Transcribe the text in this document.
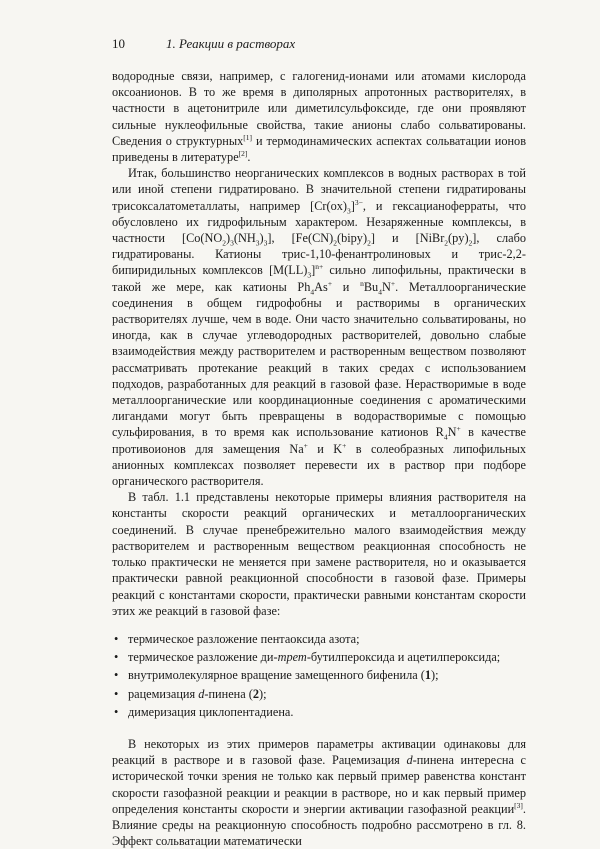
10	1. Реакции в растворах

водородные связи, например, с галогенид-ионами или атомами кислорода оксоанионов. В то же время в диполярных апротонных растворителях, в частности в ацетонитриле или диметилсульфоксиде, где они проявляют сильные нуклеофильные свойства, такие анионы слабо сольватированы. Сведения о структурных[1] и термодинамических аспектах сольватации ионов приведены в литературе[2].

Итак, большинство неорганических комплексов в водных растворах в той или иной степени гидратировано. В значительной степени гидратированы трисоксалатометаллаты, например $[Cr(ox)_3]^{3-}$, и гексацианоферраты, что обусловлено их гидрофильным характером. Незаряженные комплексы, в частности $[Co(NO_2)_3(NH_3)_3]$, $[Fe(CN)_2(bipy)_2]$ и $[NiBr_2(py)_2]$, слабо гидратированы. Катионы трис-1,10-фенантролиновых и трис-2,2-бипиридильных комплексов $[M(LL)_3]^{n+}$ сильно липофильны, практически в такой же мере, как катионы $Ph_4As^+$ и $^nBu_4N^+$. Металлоорганические соединения в общем гидрофобны и растворимы в органических растворителях лучше, чем в воде. Они часто значительно сольватированы, но иногда, как в случае углеводородных растворителей, довольно слабые взаимодействия между растворителем и растворенным веществом позволяют рассматривать протекание реакций в таких средах с использованием подходов, разработанных для реакций в газовой фазе. Нерастворимые в воде металлоорганические или координационные соединения с ароматическими лигандами могут быть превращены в водорастворимые с помощью сульфирования, в то время как использование катионов $R_4N^+$ в качестве противоионов для замещения Na+ и K+ в солеобразных липофильных анионных комплексах позволяет перевести их в раствор при подборе органического растворителя.

В табл. 1.1 представлены некоторые примеры влияния растворителя на константы скорости реакций органических и металлоорганических соединений. В случае пренебрежительно малого взаимодействия между растворителем и растворенным веществом реакционная способность не только практически не меняется при замене растворителя, но и оказывается практически равной реакционной способности в газовой фазе. Примеры реакций с константами скорости, практически равными константам скорости этих же реакций в газовой фазе:

• термическое разложение пентаоксида азота;
• термическое разложение ди-трет-бутилпероксида и ацетилпероксида;
• внутримолекулярное вращение замещенного бифенила (1);
• рацемизация d-пинена (2);
• димеризация циклопентадиена.

В некоторых из этих примеров параметры активации одинаковы для реакций в растворе и в газовой фазе. Рацемизация d-пинена интересна с исторической точки зрения не только как первый пример равенства констант скорости газофазной реакции и реакции в растворе, но и как первый пример определения константы скорости и энергии активации газофазной реакции[3]. Влияние среды на реакционную способность подробно рассмотрено в гл. 8. Эффект сольватации математически
